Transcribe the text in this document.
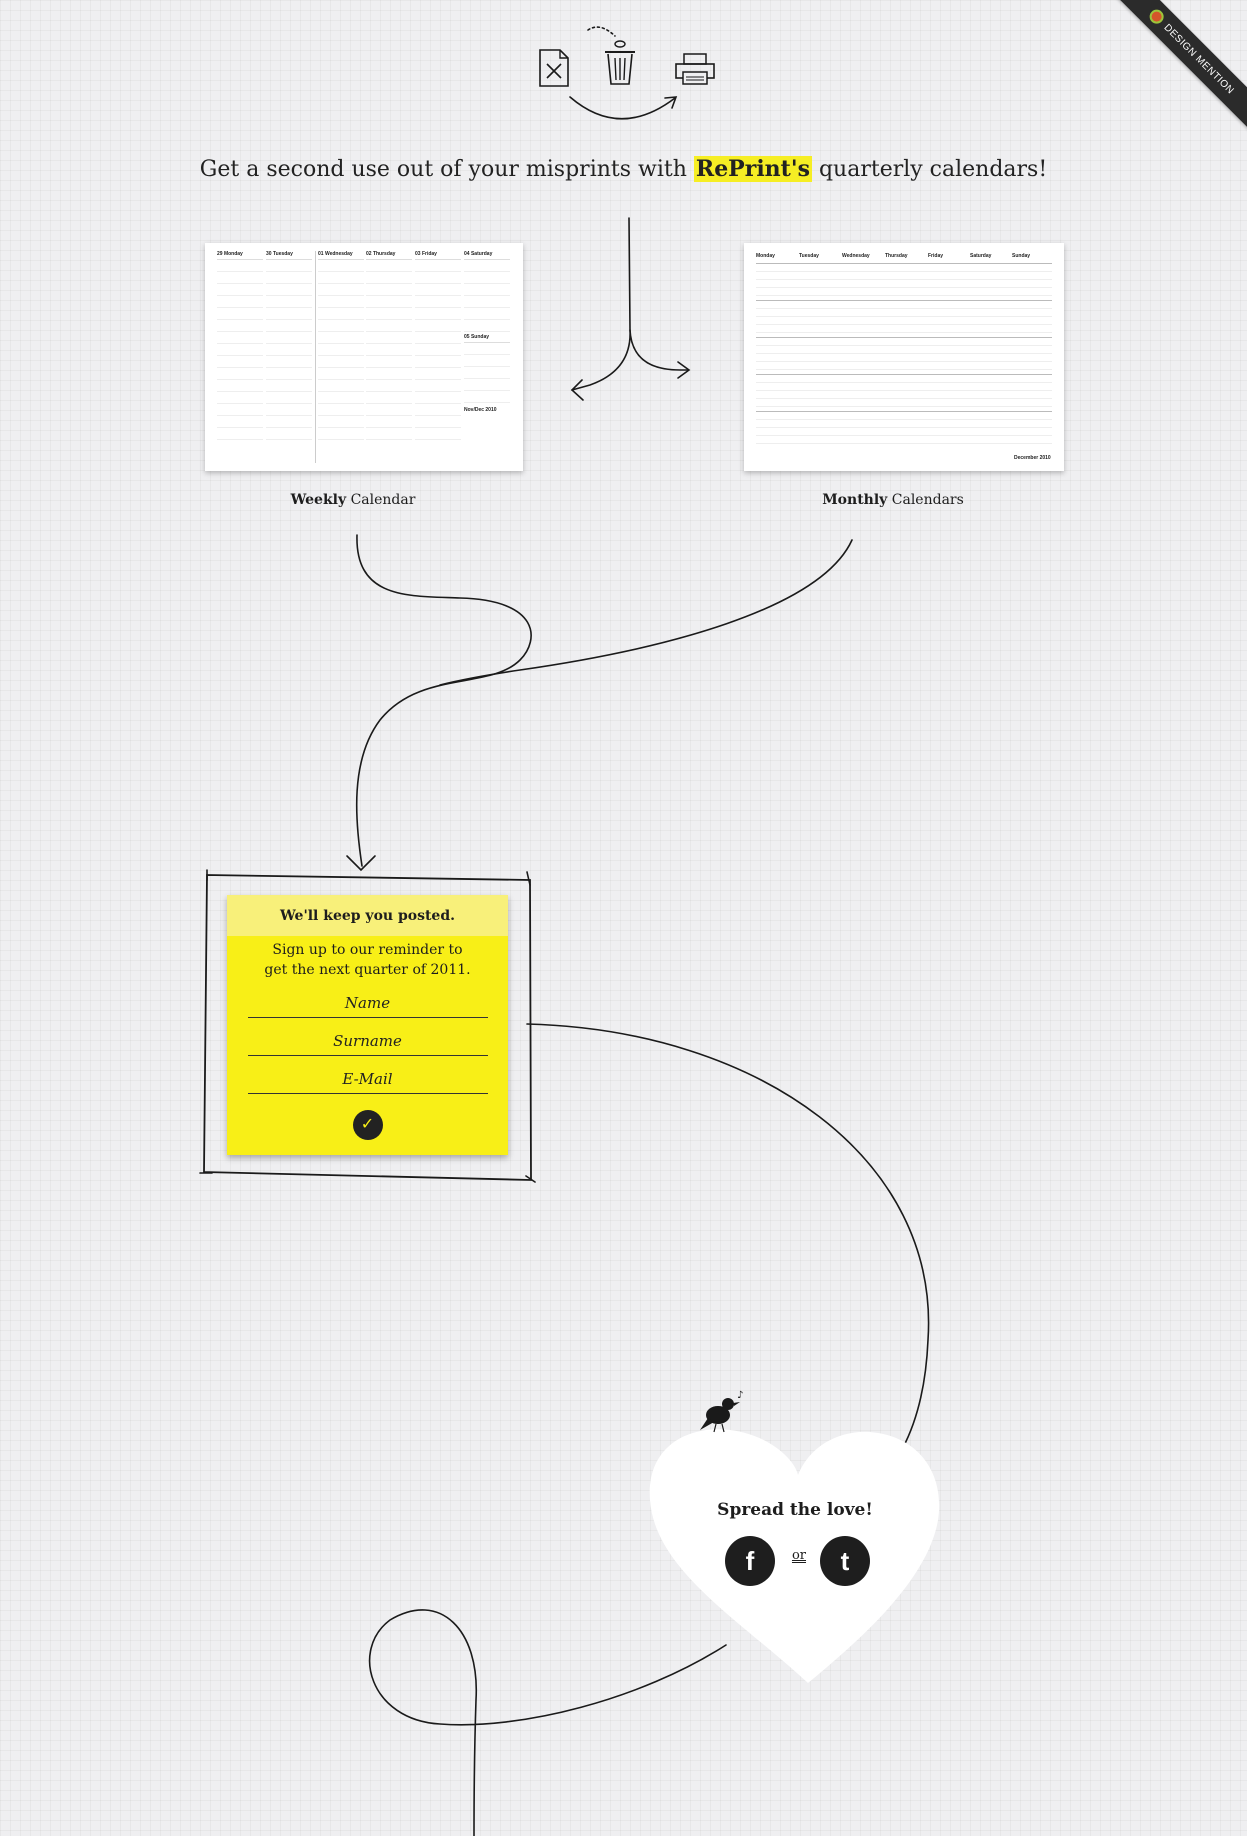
♪
DESIGN MENTION
Get a second use out of your misprints with RePrint's quarterly calendars!
29 Monday	30 Tuesday	01 Wednesday	02 Thursday	03 Friday	04 Saturday
05 Sunday
Nov/Dec 2010
Weekly Calendar
Monday	Tuesday	Wednesday	Thursday	Friday	Saturday	Sunday
December 2010
Monthly Calendars
We'll keep you posted.
Sign up to our reminder to
get the next quarter of 2011.
Name
Surname
E-Mail
✓
Spread the love!
f	or	t
